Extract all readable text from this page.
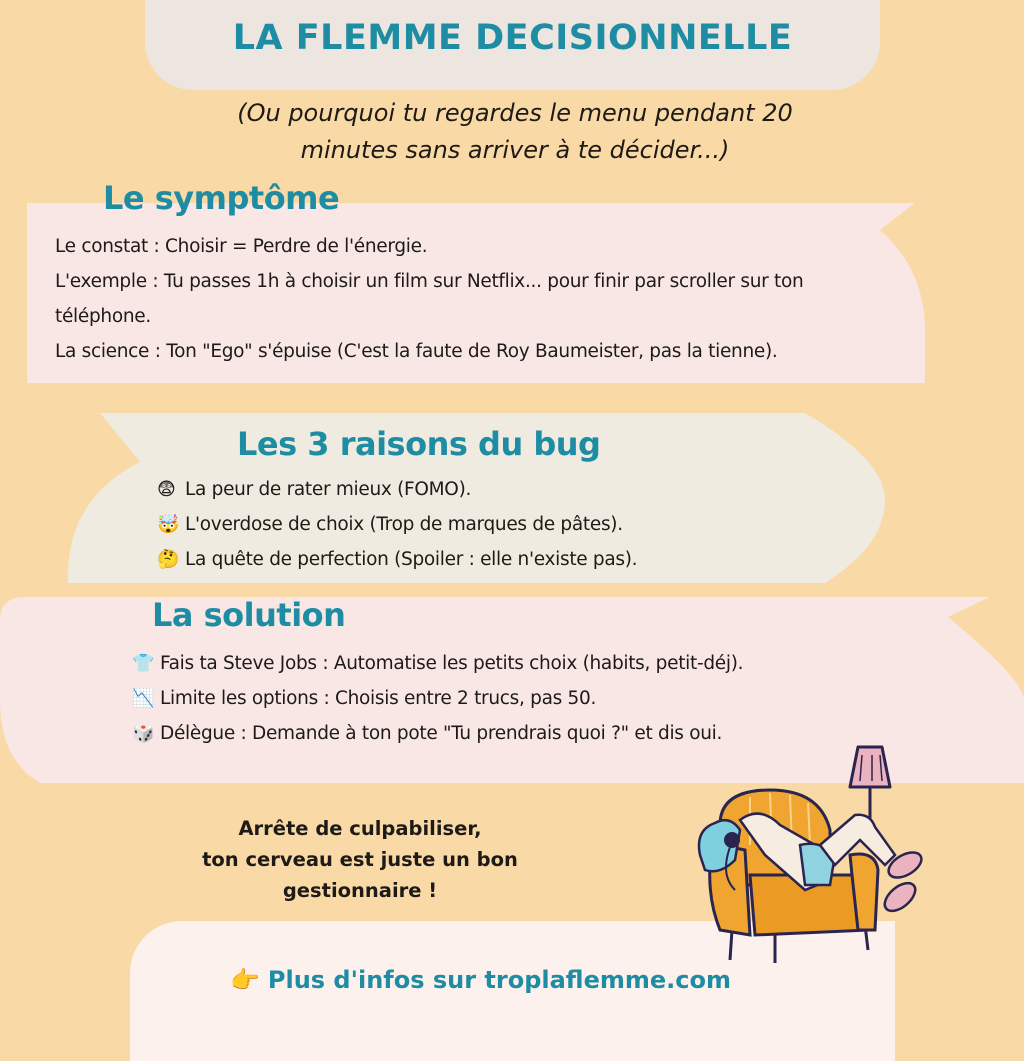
LA FLEMME DECISIONNELLE
(Ou pourquoi tu regardes le menu pendant 20
minutes sans arriver à te décider...)
Le symptôme
Le constat : Choisir = Perdre de l'énergie.
L'exemple : Tu passes 1h à choisir un film sur Netflix... pour finir par scroller sur ton
téléphone.
La science : Ton "Ego" s'épuise (C'est la faute de Roy Baumeister, pas la tienne).
Les 3 raisons du bug
😨 La peur de rater mieux (FOMO).
🤯 L'overdose de choix (Trop de marques de pâtes).
🤔 La quête de perfection (Spoiler : elle n'existe pas).
La solution
👕 Fais ta Steve Jobs : Automatise les petits choix (habits, petit-déj).
📉 Limite les options : Choisis entre 2 trucs, pas 50.
🎲 Délègue : Demande à ton pote "Tu prendrais quoi ?" et dis oui.
Arrête de culpabiliser,
ton cerveau est juste un bon
gestionnaire !
👉 Plus d'infos sur troplaflemme.com
